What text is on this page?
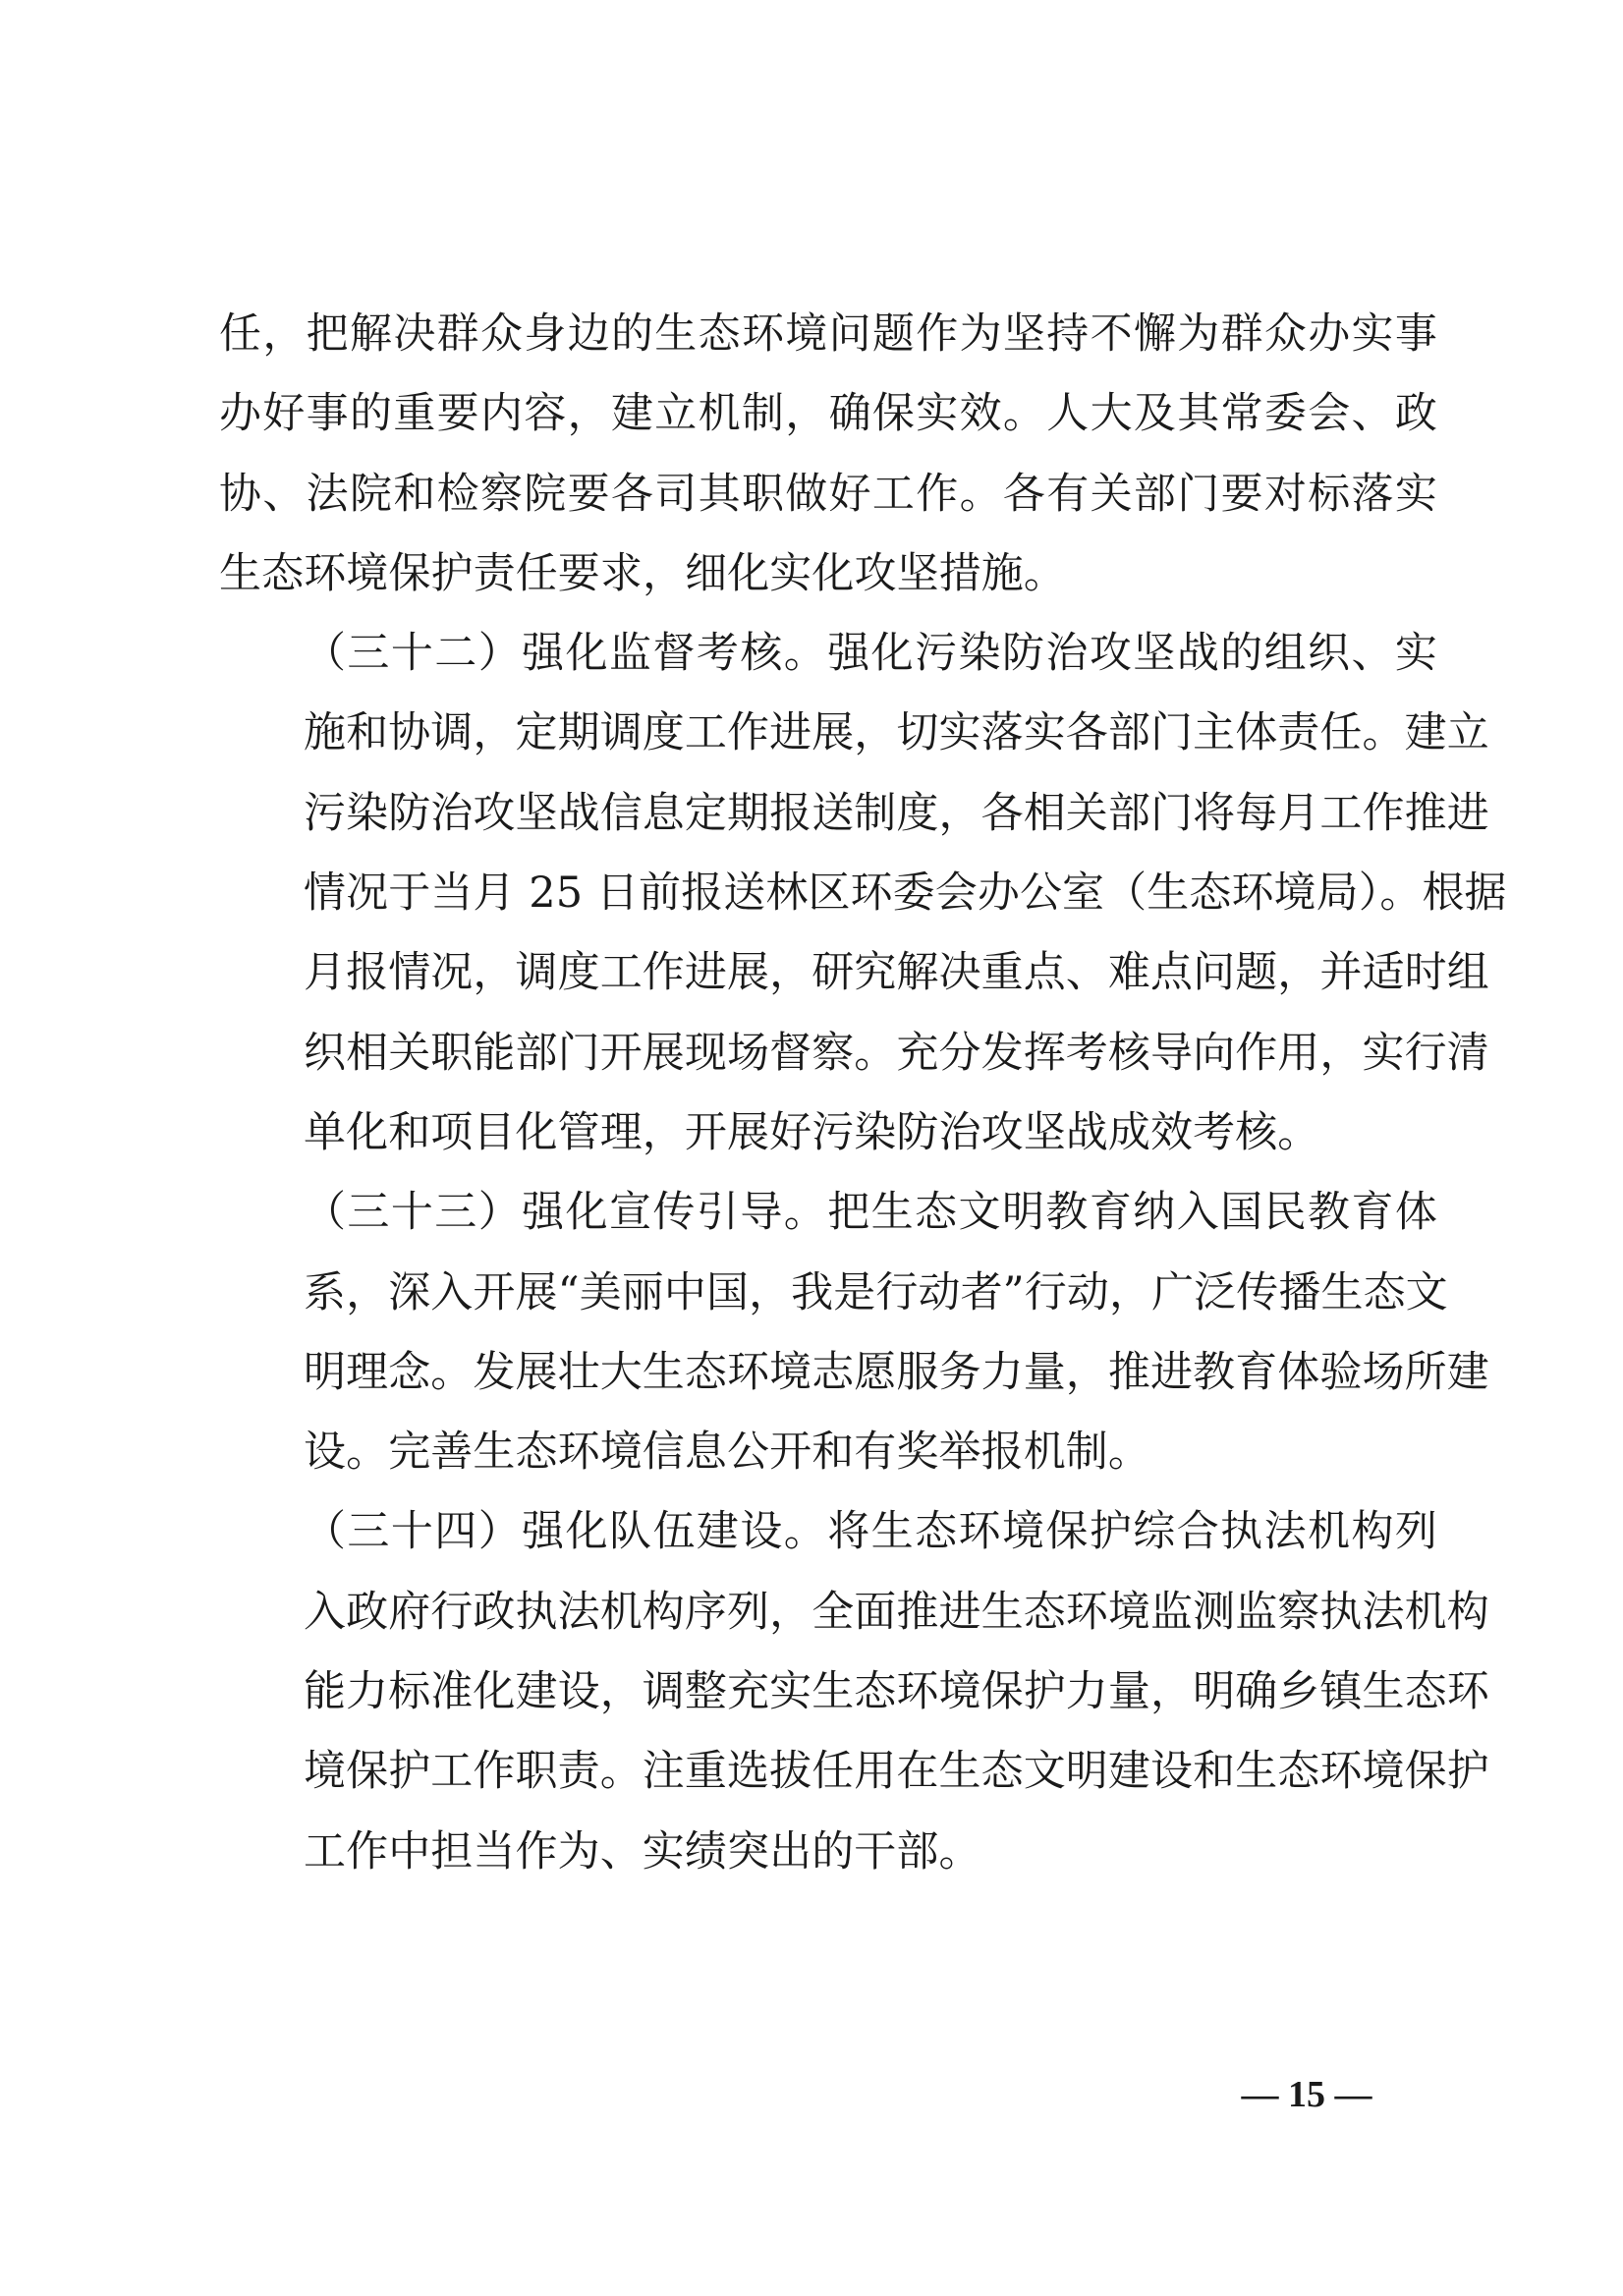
任，把解决群众身边的生态环境问题作为坚持不懈为群众办实事
办好事的重要内容，建立机制，确保实效。人大及其常委会、政
协、法院和检察院要各司其职做好工作。各有关部门要对标落实
生态环境保护责任要求，细化实化攻坚措施。
（三十二）强化监督考核。强化污染防治攻坚战的组织、实
施和协调，定期调度工作进展，切实落实各部门主体责任。建立
污染防治攻坚战信息定期报送制度，各相关部门将每月工作推进
情况于当月 25 日前报送林区环委会办公室（生态环境局）。根据
月报情况，调度工作进展，研究解决重点、难点问题，并适时组
织相关职能部门开展现场督察。充分发挥考核导向作用，实行清
单化和项目化管理，开展好污染防治攻坚战成效考核。
（三十三）强化宣传引导。把生态文明教育纳入国民教育体
系，深入开展“美丽中国，我是行动者”行动，广泛传播生态文
明理念。发展壮大生态环境志愿服务力量，推进教育体验场所建
设。完善生态环境信息公开和有奖举报机制。
（三十四）强化队伍建设。将生态环境保护综合执法机构列
入政府行政执法机构序列，全面推进生态环境监测监察执法机构
能力标准化建设，调整充实生态环境保护力量，明确乡镇生态环
境保护工作职责。注重选拔任用在生态文明建设和生态环境保护
工作中担当作为、实绩突出的干部。
— 15 —
